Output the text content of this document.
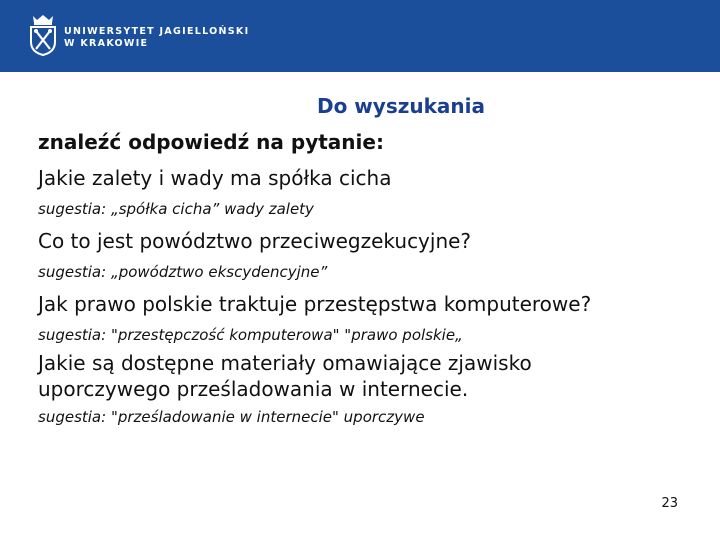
UNIWERSYTET JAGIELLOŃSKI
W KRAKOWIE
Do wyszukania
znaleźć odpowiedź na pytanie:
Jakie zalety i wady ma spółka cicha
sugestia: „spółka cicha” wady zalety
Co to jest powództwo przeciwegzekucyjne?
sugestia: „powództwo ekscydencyjne”
Jak prawo polskie traktuje przestępstwa komputerowe?
sugestia: "przestępczość komputerowa" "prawo polskie„
Jakie są dostępne materiały omawiające zjawisko
uporczywego prześladowania w internecie.
sugestia: "prześladowanie w internecie" uporczywe
23
